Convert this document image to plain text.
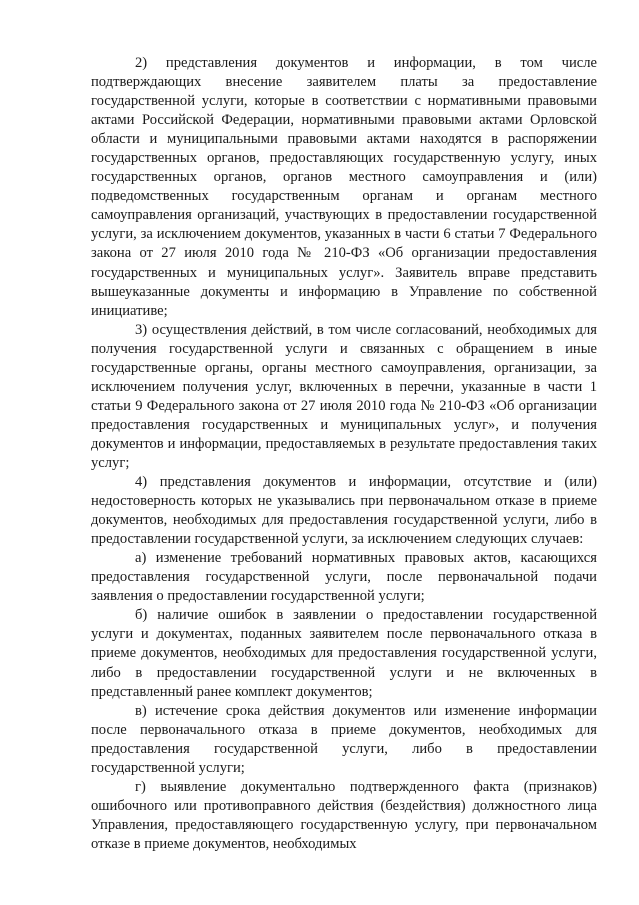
2) представления документов и информации, в том числе подтверждающих внесение заявителем платы за предоставление государственной услуги, которые в соответствии с нормативными правовыми актами Российской Федерации, нормативными правовыми актами Орловской области и муниципальными правовыми актами находятся в распоряжении государственных органов, предоставляющих государственную услугу, иных государственных органов, органов местного самоуправления и (или) подведомственных государственным органам и органам местного самоуправления организаций, участвующих в предоставлении государственной услуги, за исключением документов, указанных в части 6 статьи 7 Федерального закона от 27 июля 2010 года № 210-ФЗ «Об организации предоставления государственных и муниципальных услуг». Заявитель вправе представить вышеуказанные документы и информацию в Управление по собственной инициативе;

3) осуществления действий, в том числе согласований, необходимых для получения государственной услуги и связанных с обращением в иные государственные органы, органы местного самоуправления, организации, за исключением получения услуг, включенных в перечни, указанные в части 1 статьи 9 Федерального закона от 27 июля 2010 года № 210-ФЗ «Об организации предоставления государственных и муниципальных услуг», и получения документов и информации, предоставляемых в результате предоставления таких услуг;

4) представления документов и информации, отсутствие и (или) недостоверность которых не указывались при первоначальном отказе в приеме документов, необходимых для предоставления государственной услуги, либо в предоставлении государственной услуги, за исключением следующих случаев:

а) изменение требований нормативных правовых актов, касающихся предоставления государственной услуги, после первоначальной подачи заявления о предоставлении государственной услуги;

б) наличие ошибок в заявлении о предоставлении государственной услуги и документах, поданных заявителем после первоначального отказа в приеме документов, необходимых для предоставления государственной услуги, либо в предоставлении государственной услуги и не включенных в представленный ранее комплект документов;

в) истечение срока действия документов или изменение информации после первоначального отказа в приеме документов, необходимых для предоставления государственной услуги, либо в предоставлении государственной услуги;

г) выявление документально подтвержденного факта (признаков) ошибочного или противоправного действия (бездействия) должностного лица Управления, предоставляющего государственную услугу, при первоначальном отказе в приеме документов, необходимых
